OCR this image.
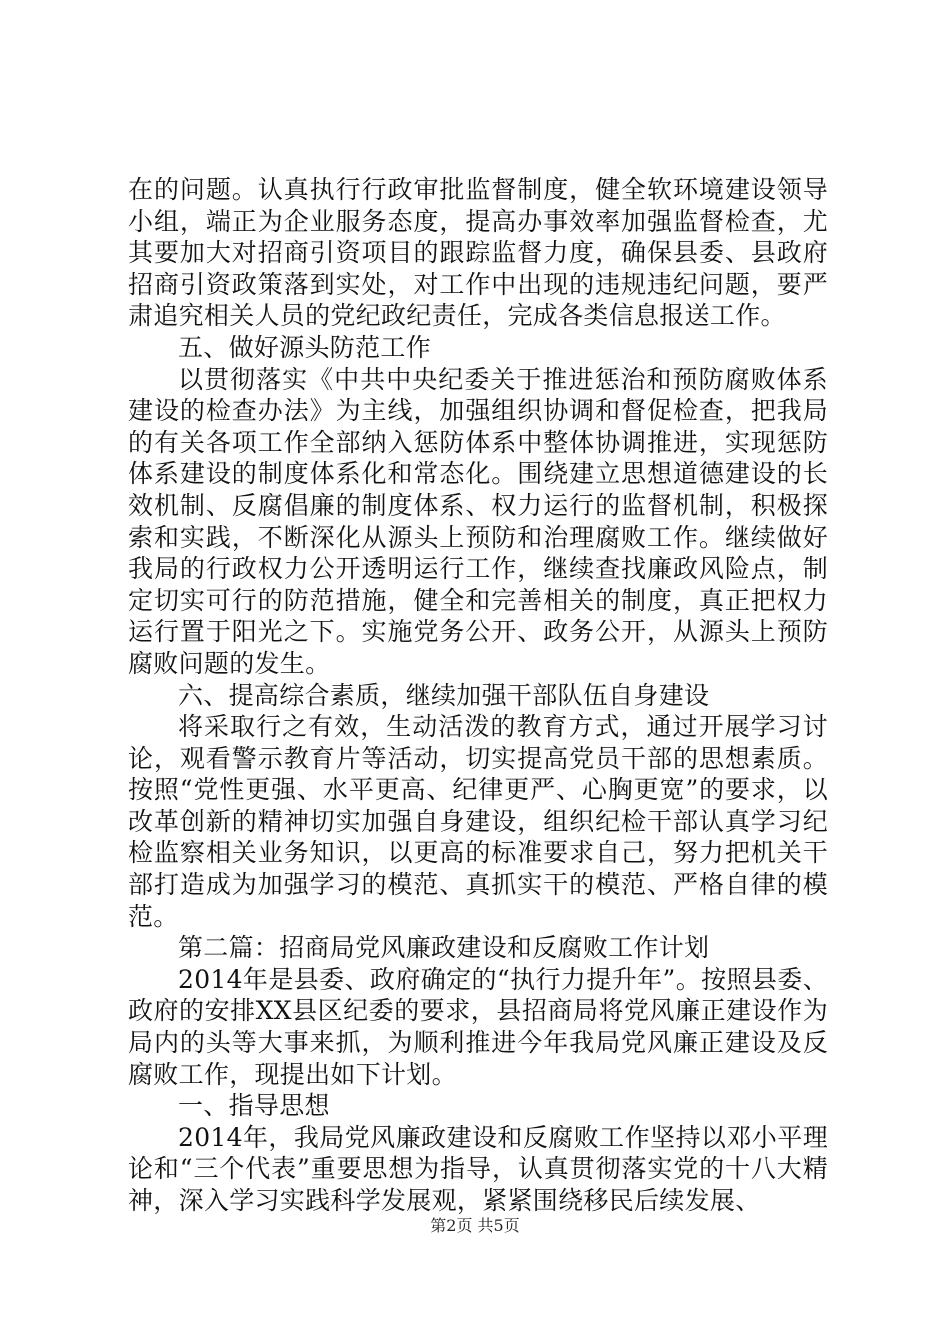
在的问题。认真执行行政审批监督制度，健全软环境建设领导小组，端正为企业服务态度，提高办事效率加强监督检查，尤其要加大对招商引资项目的跟踪监督力度，确保县委、县政府招商引资政策落到实处，对工作中出现的违规违纪问题，要严肃追究相关人员的党纪政纪责任，完成各类信息报送工作。

五、做好源头防范工作

以贯彻落实《中共中央纪委关于推进惩治和预防腐败体系建设的检查办法》为主线，加强组织协调和督促检查，把我局的有关各项工作全部纳入惩防体系中整体协调推进，实现惩防体系建设的制度体系化和常态化。围绕建立思想道德建设的长效机制、反腐倡廉的制度体系、权力运行的监督机制，积极探索和实践，不断深化从源头上预防和治理腐败工作。继续做好我局的行政权力公开透明运行工作，继续查找廉政风险点，制定切实可行的防范措施，健全和完善相关的制度，真正把权力运行置于阳光之下。实施党务公开、政务公开，从源头上预防腐败问题的发生。

六、提高综合素质，继续加强干部队伍自身建设

将采取行之有效，生动活泼的教育方式，通过开展学习讨论，观看警示教育片等活动，切实提高党员干部的思想素质。按照“党性更强、水平更高、纪律更严、心胸更宽”的要求，以改革创新的精神切实加强自身建设，组织纪检干部认真学习纪检监察相关业务知识，以更高的标准要求自己，努力把机关干部打造成为加强学习的模范、真抓实干的模范、严格自律的模范。

第二篇：招商局党风廉政建设和反腐败工作计划

2014年是县委、政府确定的“执行力提升年”。按照县委、政府的安排XX县区纪委的要求，县招商局将党风廉正建设作为局内的头等大事来抓，为顺利推进今年我局党风廉正建设及反腐败工作，现提出如下计划。

一、指导思想

2014年，我局党风廉政建设和反腐败工作坚持以邓小平理论和“三个代表”重要思想为指导，认真贯彻落实党的十八大精神，深入学习实践科学发展观，紧紧围绕移民后续发展、

第2页 共5页
